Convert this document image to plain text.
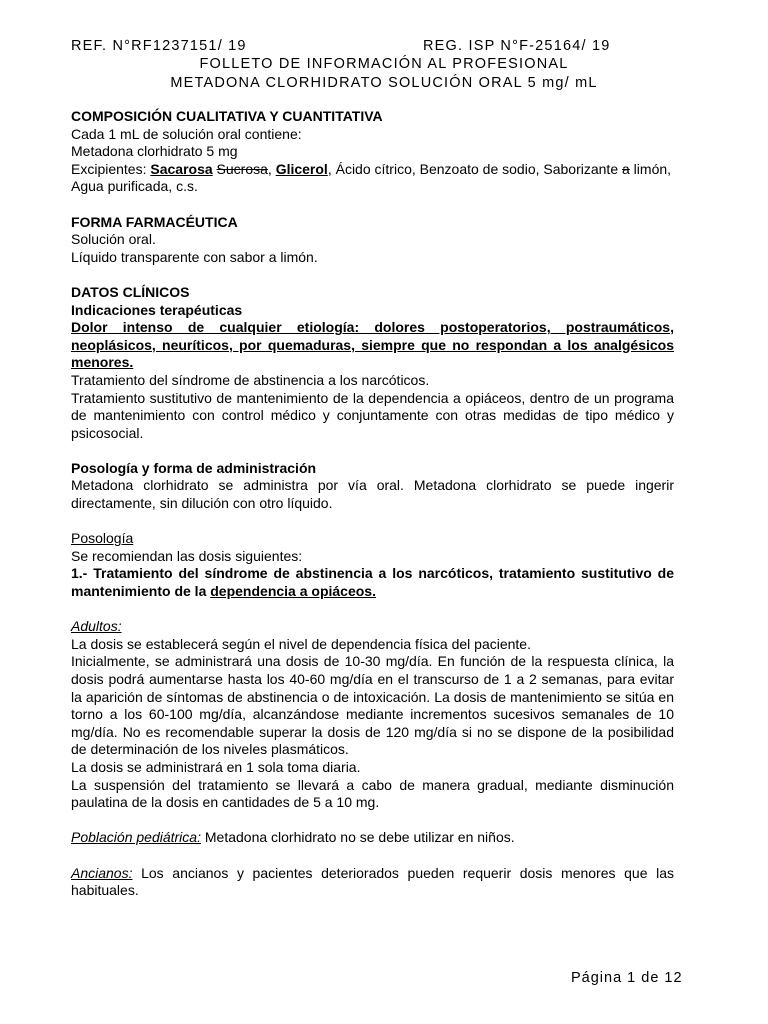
REF. N°RF1237151/ 19	REG. ISP N°F-25164/ 19
FOLLETO DE INFORMACIÓN AL PROFESIONAL
METADONA CLORHIDRATO SOLUCIÓN ORAL 5 mg/ mL

COMPOSICIÓN CUALITATIVA Y CUANTITATIVA

Cada 1 mL de solución oral contiene:

Metadona clorhidrato 5 mg

Excipientes: Sacarosa Sucrosa, Glicerol, Ácido cítrico, Benzoato de sodio, Saborizante a limón, Agua purificada, c.s.

FORMA FARMACÉUTICA

Solución oral.

Líquido transparente con sabor a limón.

DATOS CLÍNICOS

Indicaciones terapéuticas

Dolor intenso de cualquier etiología: dolores postoperatorios, postraumáticos, neoplásicos, neuríticos, por quemaduras, siempre que no respondan a los analgésicos menores.

Tratamiento del síndrome de abstinencia a los narcóticos.

Tratamiento sustitutivo de mantenimiento de la dependencia a opiáceos, dentro de un programa de mantenimiento con control médico y conjuntamente con otras medidas de tipo médico y psicosocial.

Posología y forma de administración

Metadona clorhidrato se administra por vía oral. Metadona clorhidrato se puede ingerir directamente, sin dilución con otro líquido.

Posología

Se recomiendan las dosis siguientes:

1.- Tratamiento del síndrome de abstinencia a los narcóticos, tratamiento sustitutivo de mantenimiento de la dependencia a opiáceos.

Adultos:

La dosis se establecerá según el nivel de dependencia física del paciente.

Inicialmente, se administrará una dosis de 10-30 mg/día. En función de la respuesta clínica, la dosis podrá aumentarse hasta los 40-60 mg/día en el transcurso de 1 a 2 semanas, para evitar la aparición de síntomas de abstinencia o de intoxicación. La dosis de mantenimiento se sitúa en torno a los 60-100 mg/día, alcanzándose mediante incrementos sucesivos semanales de 10 mg/día. No es recomendable superar la dosis de 120 mg/día si no se dispone de la posibilidad de determinación de los niveles plasmáticos.

La dosis se administrará en 1 sola toma diaria.

La suspensión del tratamiento se llevará a cabo de manera gradual, mediante disminución paulatina de la dosis en cantidades de 5 a 10 mg.

Población pediátrica: Metadona clorhidrato no se debe utilizar en niños.

Ancianos: Los ancianos y pacientes deteriorados pueden requerir dosis menores que las habituales.

Página 1 de 12
